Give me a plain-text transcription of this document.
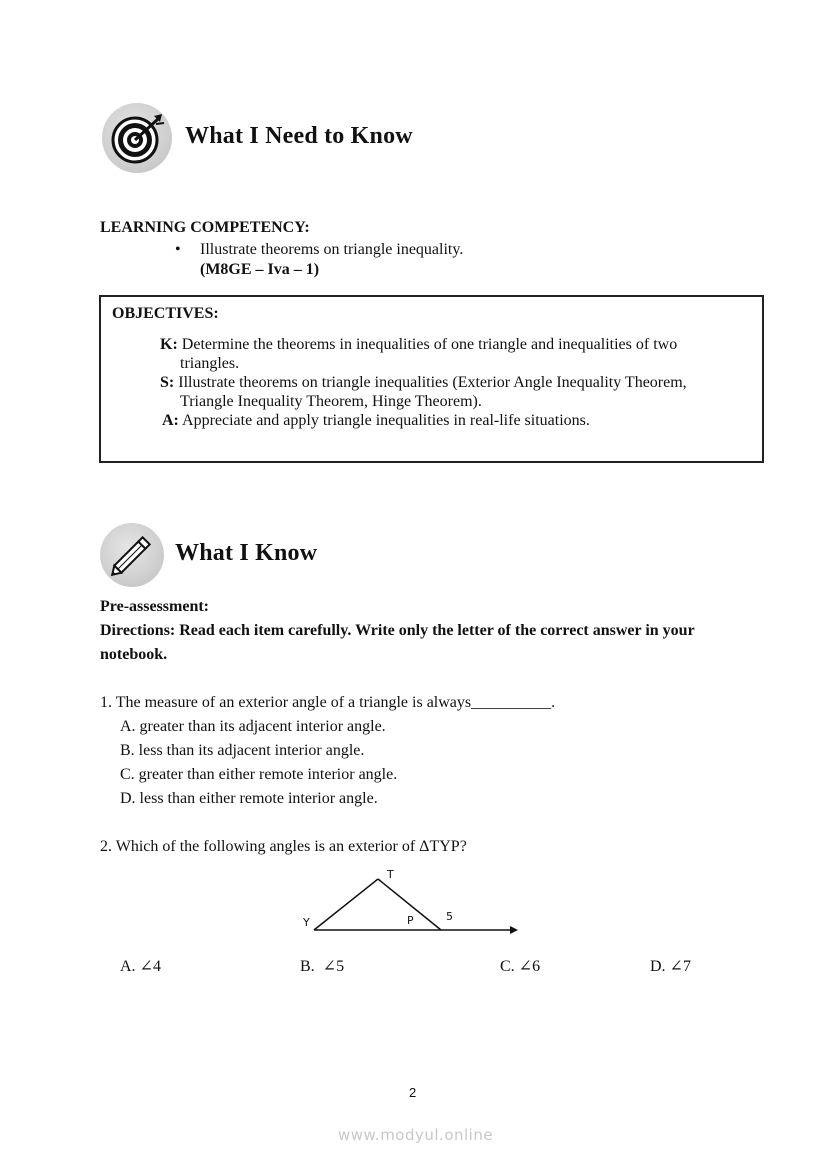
What I Need to Know
LEARNING COMPETENCY:
• Illustrate theorems on triangle inequality.
(M8GE – Iva – 1)
OBJECTIVES:
K: Determine the theorems in inequalities of one triangle and inequalities of two
triangles.
S: Illustrate theorems on triangle inequalities (Exterior Angle Inequality Theorem,
Triangle Inequality Theorem, Hinge Theorem).
A: Appreciate and apply triangle inequalities in real-life situations.
What I Know
Pre-assessment:
Directions: Read each item carefully. Write only the letter of the correct answer in your
notebook.
1. The measure of an exterior angle of a triangle is always__________.
A. greater than its adjacent interior angle.
B. less than its adjacent interior angle.
C. greater than either remote interior angle.
D. less than either remote interior angle.
2. Which of the following angles is an exterior of ΔTYP?
T
Y	P	5
A. ∠4	B.  ∠5	C. ∠6	D. ∠7
2
www.modyul.online
